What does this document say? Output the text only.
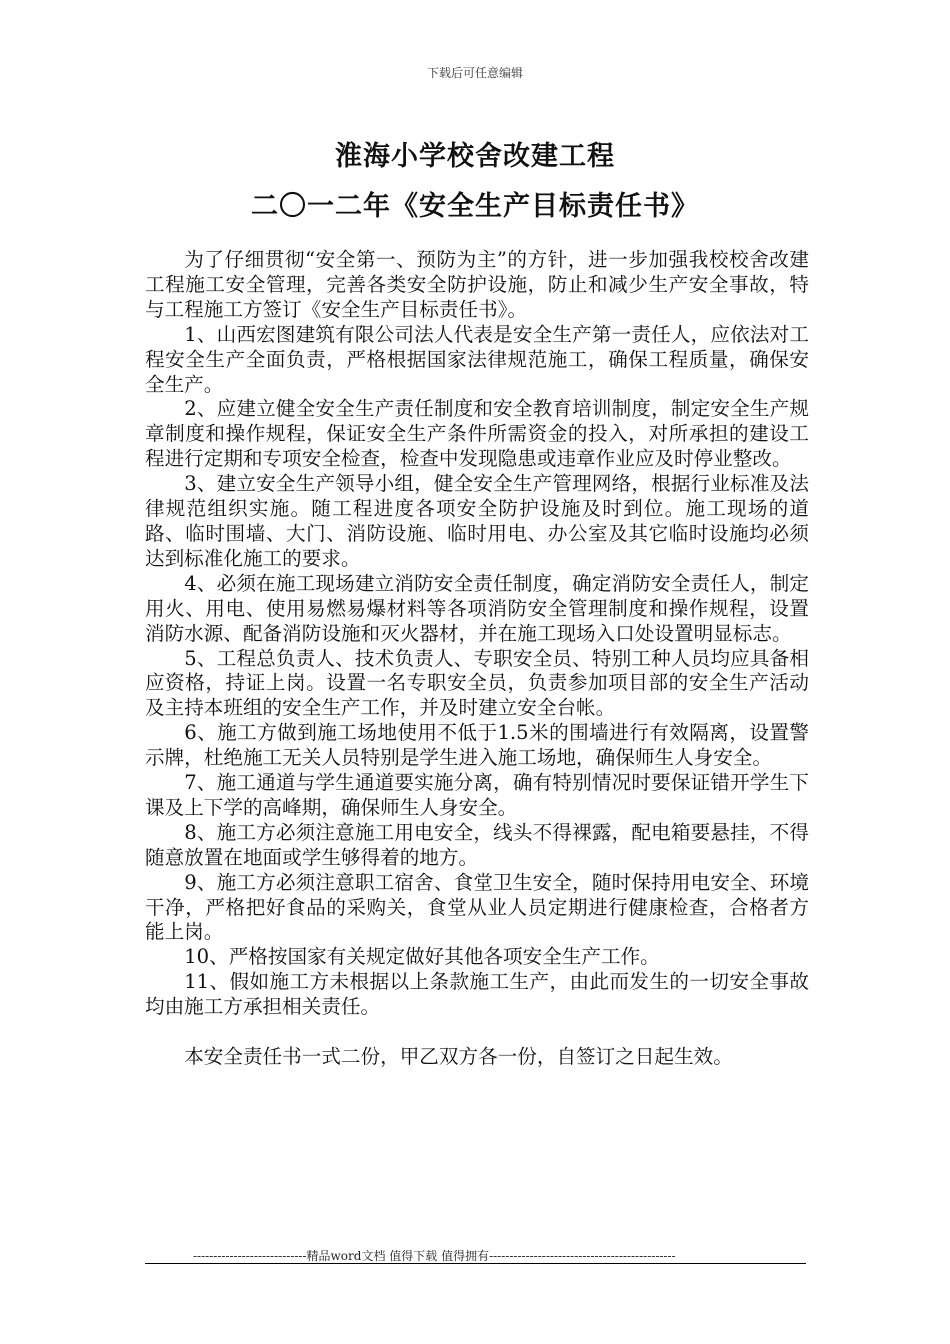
下载后可任意编辑
淮海小学校舍改建工程
二〇一二年《安全生产目标责任书》

为了仔细贯彻“安全第一、预防为主”的方针，进一步加强我校校舍改建工程施工安全管理，完善各类安全防护设施，防止和减少生产安全事故，特与工程施工方签订《安全生产目标责任书》。

1、山西宏图建筑有限公司法人代表是安全生产第一责任人，应依法对工程安全生产全面负责，严格根据国家法律规范施工，确保工程质量，确保安全生产。

2、应建立健全安全生产责任制度和安全教育培训制度，制定安全生产规章制度和操作规程，保证安全生产条件所需资金的投入，对所承担的建设工程进行定期和专项安全检查，检查中发现隐患或违章作业应及时停业整改。

3、建立安全生产领导小组，健全安全生产管理网络，根据行业标准及法律规范组织实施。随工程进度各项安全防护设施及时到位。施工现场的道路、临时围墙、大门、消防设施、临时用电、办公室及其它临时设施均必须达到标准化施工的要求。

4、必须在施工现场建立消防安全责任制度，确定消防安全责任人，制定用火、用电、使用易燃易爆材料等各项消防安全管理制度和操作规程，设置消防水源、配备消防设施和灭火器材，并在施工现场入口处设置明显标志。

5、工程总负责人、技术负责人、专职安全员、特别工种人员均应具备相应资格，持证上岗。设置一名专职安全员，负责参加项目部的安全生产活动及主持本班组的安全生产工作，并及时建立安全台帐。

6、施工方做到施工场地使用不低于1.5米的围墙进行有效隔离，设置警示牌，杜绝施工无关人员特别是学生进入施工场地，确保师生人身安全。

7、施工通道与学生通道要实施分离，确有特别情况时要保证错开学生下课及上下学的高峰期，确保师生人身安全。

8、施工方必须注意施工用电安全，线头不得裸露，配电箱要悬挂，不得随意放置在地面或学生够得着的地方。

9、施工方必须注意职工宿舍、食堂卫生安全，随时保持用电安全、环境干净，严格把好食品的采购关，食堂从业人员定期进行健康检查，合格者方能上岗。

10、严格按国家有关规定做好其他各项安全生产工作。

11、假如施工方未根据以上条款施工生产，由此而发生的一切安全事故均由施工方承担相关责任。

本安全责任书一式二份，甲乙双方各一份，自签订之日起生效。

----------------------------精品word文档 值得下载 值得拥有----------------------------------------------
